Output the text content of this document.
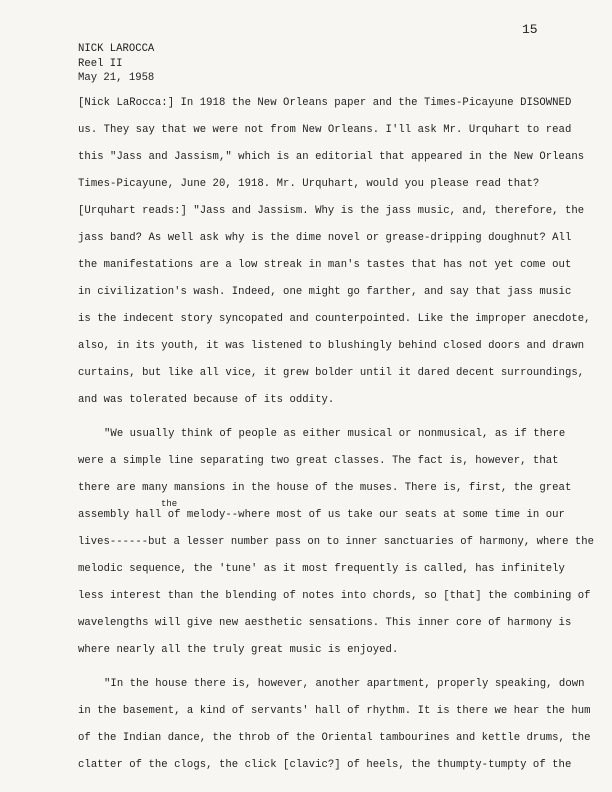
15
NICK LAROCCA
Reel II
May 21, 1958
[Nick LaRocca:] In 1918 the New Orleans paper and the Times-Picayune DISOWNED
us. They say that we were not from New Orleans. I'll ask Mr. Urquhart to read
this "Jass and Jassism," which is an editorial that appeared in the New Orleans
Times-Picayune, June 20, 1918. Mr. Urquhart, would you please read that?
[Urquhart reads:] "Jass and Jassism. Why is the jass music, and, therefore, the
jass band? As well ask why is the dime novel or grease-dripping doughnut? All
the manifestations are a low streak in man's tastes that has not yet come out
in civilization's wash. Indeed, one might go farther, and say that jass music
is the indecent story syncopated and counterpointed. Like the improper anecdote,
also, in its youth, it was listened to blushingly behind closed doors and drawn
curtains, but like all vice, it grew bolder until it dared decent surroundings,
and was tolerated because of its oddity.
"We usually think of people as either musical or nonmusical, as if there
were a simple line separating two great classes. The fact is, however, that
there are many mansions in the house of the muses. There is, first, the great
the
assembly hall of melody--where most of us take our seats at some time in our
lives------but a lesser number pass on to inner sanctuaries of harmony, where the
melodic sequence, the 'tune' as it most frequently is called, has infinitely
less interest than the blending of notes into chords, so [that] the combining of
wavelengths will give new aesthetic sensations. This inner core of harmony is
where nearly all the truly great music is enjoyed.
"In the house there is, however, another apartment, properly speaking, down
in the basement, a kind of servants' hall of rhythm. It is there we hear the hum
of the Indian dance, the throb of the Oriental tambourines and kettle drums, the
clatter of the clogs, the click [clavic?] of heels, the thumpty-tumpty of the
